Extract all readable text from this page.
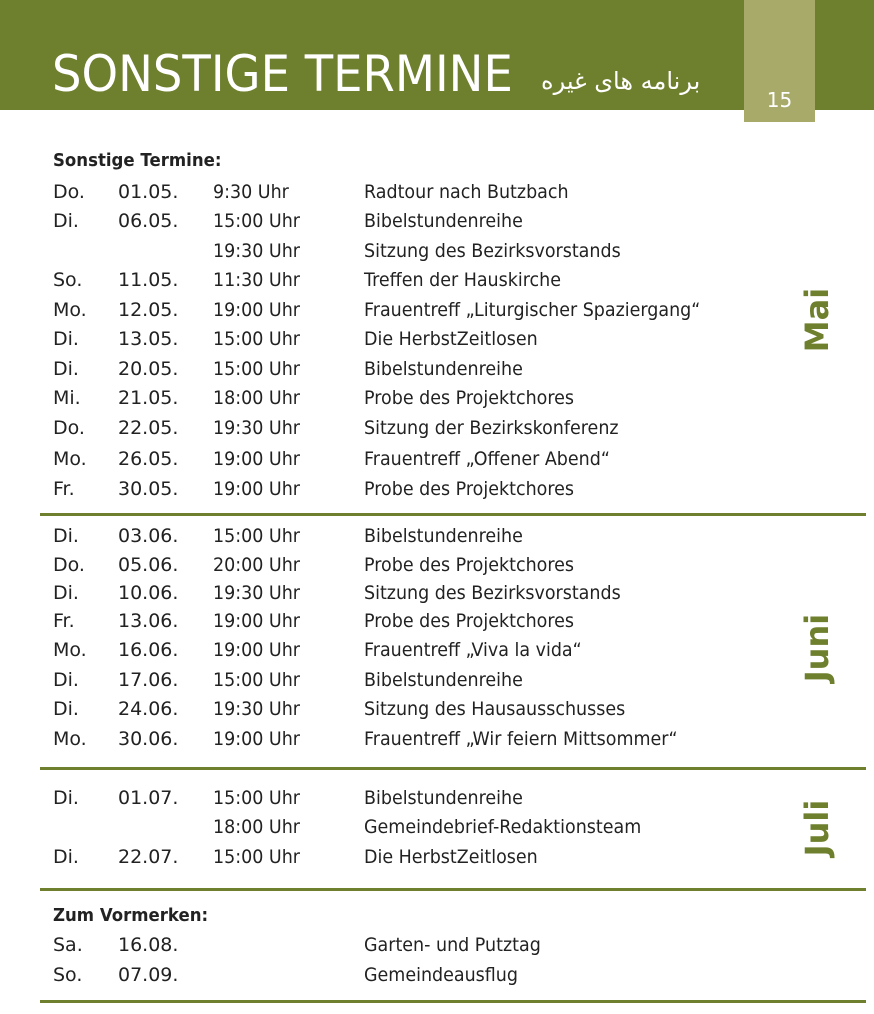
SONSTIGE TERMINE برنامه های غیره
15
Sonstige Termine:
Do. 01.05. 9:30 Uhr	Radtour nach Butzbach
Di. 06.05. 15:00 Uhr	Bibelstundenreihe
19:30 Uhr	Sitzung des Bezirksvorstands
So. 11.05. 11:30 Uhr	Treffen der Hauskirche
Mo. 12.05. 19:00 Uhr	Frauentreff „Liturgischer Spaziergang“
Di. 13.05. 15:00 Uhr	Die HerbstZeitlosen
Di. 20.05. 15:00 Uhr	Bibelstundenreihe
Mi. 21.05. 18:00 Uhr	Probe des Projektchores
Do. 22.05. 19:30 Uhr	Sitzung der Bezirkskonferenz
Mo. 26.05. 19:00 Uhr	Frauentreff „Offener Abend“
Fr. 30.05. 19:00 Uhr	Probe des Projektchores
Mai
Di. 03.06. 15:00 Uhr	Bibelstundenreihe
Do. 05.06. 20:00 Uhr	Probe des Projektchores
Di. 10.06. 19:30 Uhr	Sitzung des Bezirksvorstands
Fr. 13.06. 19:00 Uhr	Probe des Projektchores
Mo. 16.06. 19:00 Uhr	Frauentreff „Viva la vida“
Di. 17.06. 15:00 Uhr	Bibelstundenreihe
Di. 24.06. 19:30 Uhr	Sitzung des Hausausschusses
Mo. 30.06. 19:00 Uhr	Frauentreff „Wir feiern Mittsommer“
Juni
Di. 01.07. 15:00 Uhr	Bibelstundenreihe
18:00 Uhr	Gemeindebrief-Redaktionsteam
Di. 22.07. 15:00 Uhr	Die HerbstZeitlosen
Juli
Zum Vormerken:
Sa. 16.08.	Garten- und Putztag
So. 07.09.	Gemeindeausflug
